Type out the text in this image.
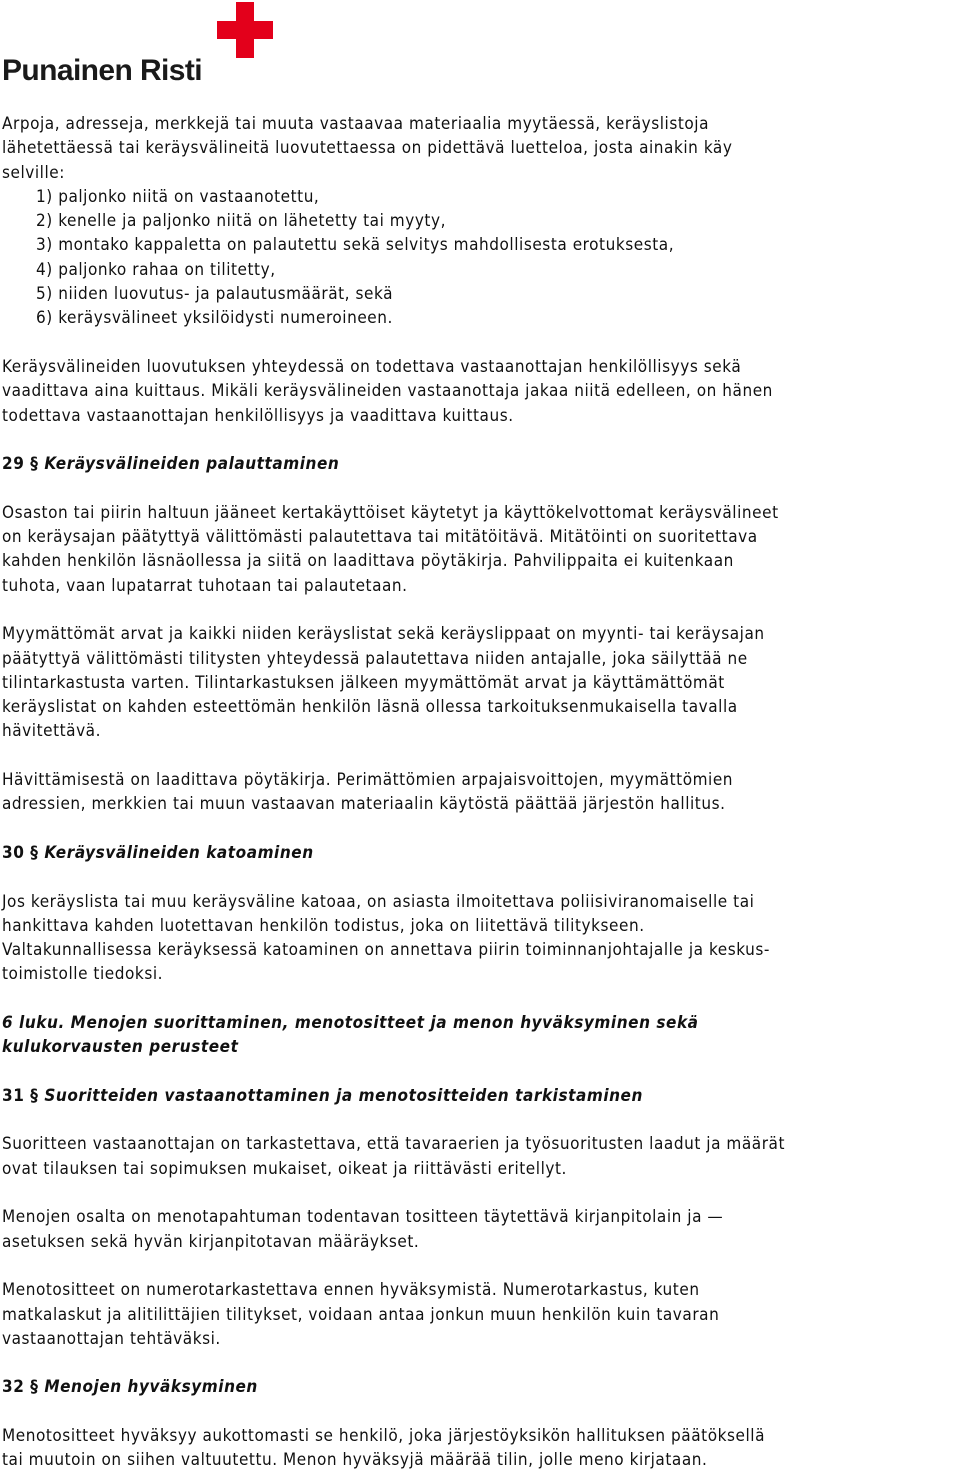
Punainen Risti

Arpoja, adresseja, merkkejä tai muuta vastaavaa materiaalia myytäessä, keräyslistoja
lähetettäessä tai keräysvälineitä luovutettaessa on pidettävä luetteloa, josta ainakin käy
selville:

1) paljonko niitä on vastaanotettu,
2) kenelle ja paljonko niitä on lähetetty tai myyty,
3) montako kappaletta on palautettu sekä selvitys mahdollisesta erotuksesta,
4) paljonko rahaa on tilitetty,
5) niiden luovutus- ja palautusmäärät, sekä
6) keräysvälineet yksilöidysti numeroineen.

Keräysvälineiden luovutuksen yhteydessä on todettava vastaanottajan henkilöllisyys sekä
vaadittava aina kuittaus. Mikäli keräysvälineiden vastaanottaja jakaa niitä edelleen, on hänen
todettava vastaanottajan henkilöllisyys ja vaadittava kuittaus.

29 § Keräysvälineiden palauttaminen

Osaston tai piirin haltuun jääneet kertakäyttöiset käytetyt ja käyttökelvottomat keräysvälineet
on keräysajan päätyttyä välittömästi palautettava tai mitätöitävä. Mitätöinti on suoritettava
kahden henkilön läsnäollessa ja siitä on laadittava pöytäkirja. Pahvilippaita ei kuitenkaan
tuhota, vaan lupatarrat tuhotaan tai palautetaan.

Myymättömät arvat ja kaikki niiden keräyslistat sekä keräyslippaat on myynti- tai keräysajan
päätyttyä välittömästi tilitysten yhteydessä palautettava niiden antajalle, joka säilyttää ne
tilintarkastusta varten. Tilintarkastuksen jälkeen myymättömät arvat ja käyttämättömät
keräyslistat on kahden esteettömän henkilön läsnä ollessa tarkoituksenmukaisella tavalla
hävitettävä.

Hävittämisestä on laadittava pöytäkirja. Perimättömien arpajaisvoittojen, myymättömien
adressien, merkkien tai muun vastaavan materiaalin käytöstä päättää järjestön hallitus.

30 § Keräysvälineiden katoaminen

Jos keräyslista tai muu keräysväline katoaa, on asiasta ilmoitettava poliisiviranomaiselle tai
hankittava kahden luotettavan henkilön todistus, joka on liitettävä tilitykseen.
Valtakunnallisessa keräyksessä katoaminen on annettava piirin toiminnanjohtajalle ja keskus-
toimistolle tiedoksi.

6 luku. Menojen suorittaminen, menotositteet ja menon hyväksyminen sekä
kulukorvausten perusteet
31 § Suoritteiden vastaanottaminen ja menotositteiden tarkistaminen

Suoritteen vastaanottajan on tarkastettava, että tavaraerien ja työsuoritusten laadut ja määrät
ovat tilauksen tai sopimuksen mukaiset, oikeat ja riittävästi eritellyt.

Menojen osalta on menotapahtuman todentavan tositteen täytettävä kirjanpitolain ja —
asetuksen sekä hyvän kirjanpitotavan määräykset.

Menotositteet on numerotarkastettava ennen hyväksymistä. Numerotarkastus, kuten
matkalaskut ja alitilittäjien tilitykset, voidaan antaa jonkun muun henkilön kuin tavaran
vastaanottajan tehtäväksi.

32 § Menojen hyväksyminen

Menotositteet hyväksyy aukottomasti se henkilö, joka järjestöyksikön hallituksen päätöksellä
tai muutoin on siihen valtuutettu. Menon hyväksyjä määrää tilin, jolle meno kirjataan.
